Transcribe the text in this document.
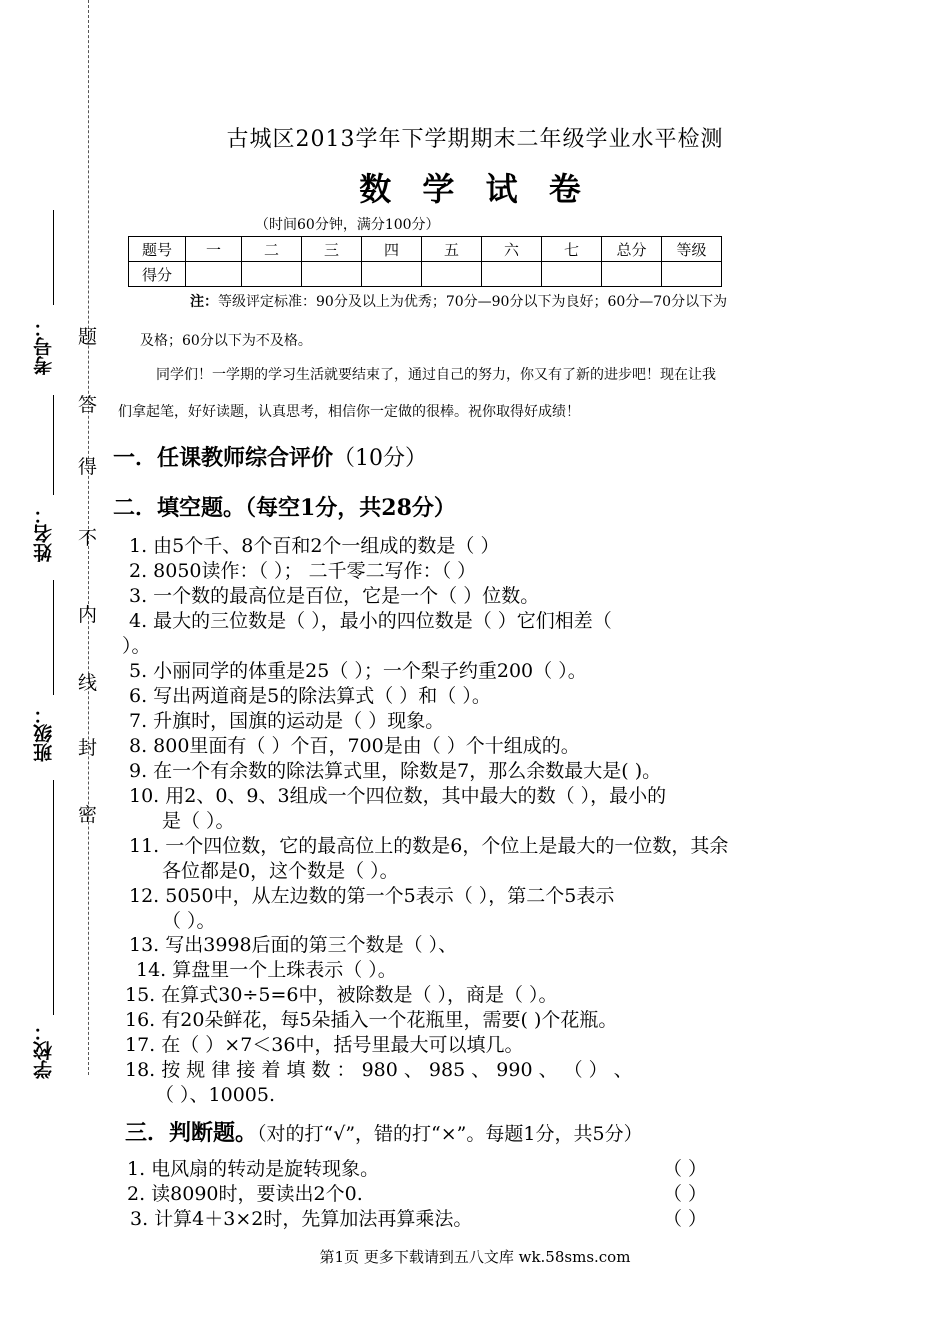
考号：
姓名：
班级：
学校：
题
答
得
不
内
线
封
密
古城区2013学年下学期期末二年级学业水平检测
数 学 试 卷
（时间60分钟，满分100分）
题号	一	二	三	四	五	六	七	总分	等级
得分									
注：等级评定标准：90分及以上为优秀；70分—90分以下为良好；60分—70分以下为
及格；60分以下为不及格。
同学们！一学期的学习生活就要结束了，通过自己的努力，你又有了新的进步吧！现在让我
们拿起笔，好好读题，认真思考，相信你一定做的很棒。祝你取得好成绩！
一．任课教师综合评价（10分）
二．填空题。（每空1分，共28分）
1. 由5个千、8个百和2个一组成的数是（ ）
2. 8050读作：（ ）； 二千零二写作：（ ）
3. 一个数的最高位是百位，它是一个（ ）位数。
4. 最大的三位数是（ ），最小的四位数是（ ）它们相差（
）。
5. 小丽同学的体重是25（ ）；一个梨子约重200（ ）。
6. 写出两道商是5的除法算式（ ）和（ ）。
7. 升旗时，国旗的运动是（ ）现象。
8. 800里面有（ ）个百，700是由（ ）个十组成的。
9. 在一个有余数的除法算式里，除数是7，那么余数最大是( )。
10. 用2、0、9、3组成一个四位数，其中最大的数（ ），最小的
是（ ）。
11. 一个四位数，它的最高位上的数是6，个位上是最大的一位数，其余
各位都是0，这个数是（ ）。
12. 5050中，从左边数的第一个5表示（ ），第二个5表示
（ ）。
13. 写出3998后面的第三个数是（ ）、
14. 算盘里一个上珠表示（ ）。
15. 在算式30÷5=6中，被除数是（ ），商是（ ）。
16. 有20朵鲜花，每5朵插入一个花瓶里，需要( )个花瓶。
17. 在（ ）×7＜36中，括号里最大可以填几。
18. 按 规 律 接 着 填 数 ： 980 、 985 、 990 、 （ ） 、
（ ）、10005.
三．判断题。（对的打“√”，错的打“×”。每题1分，共5分）
1. 电风扇的转动是旋转现象。	（ ）
2. 读8090时，要读出2个0.	（ ）
3. 计算4＋3×2时，先算加法再算乘法。	（ ）
第1页 更多下载请到五八文库 wk.58sms.com
